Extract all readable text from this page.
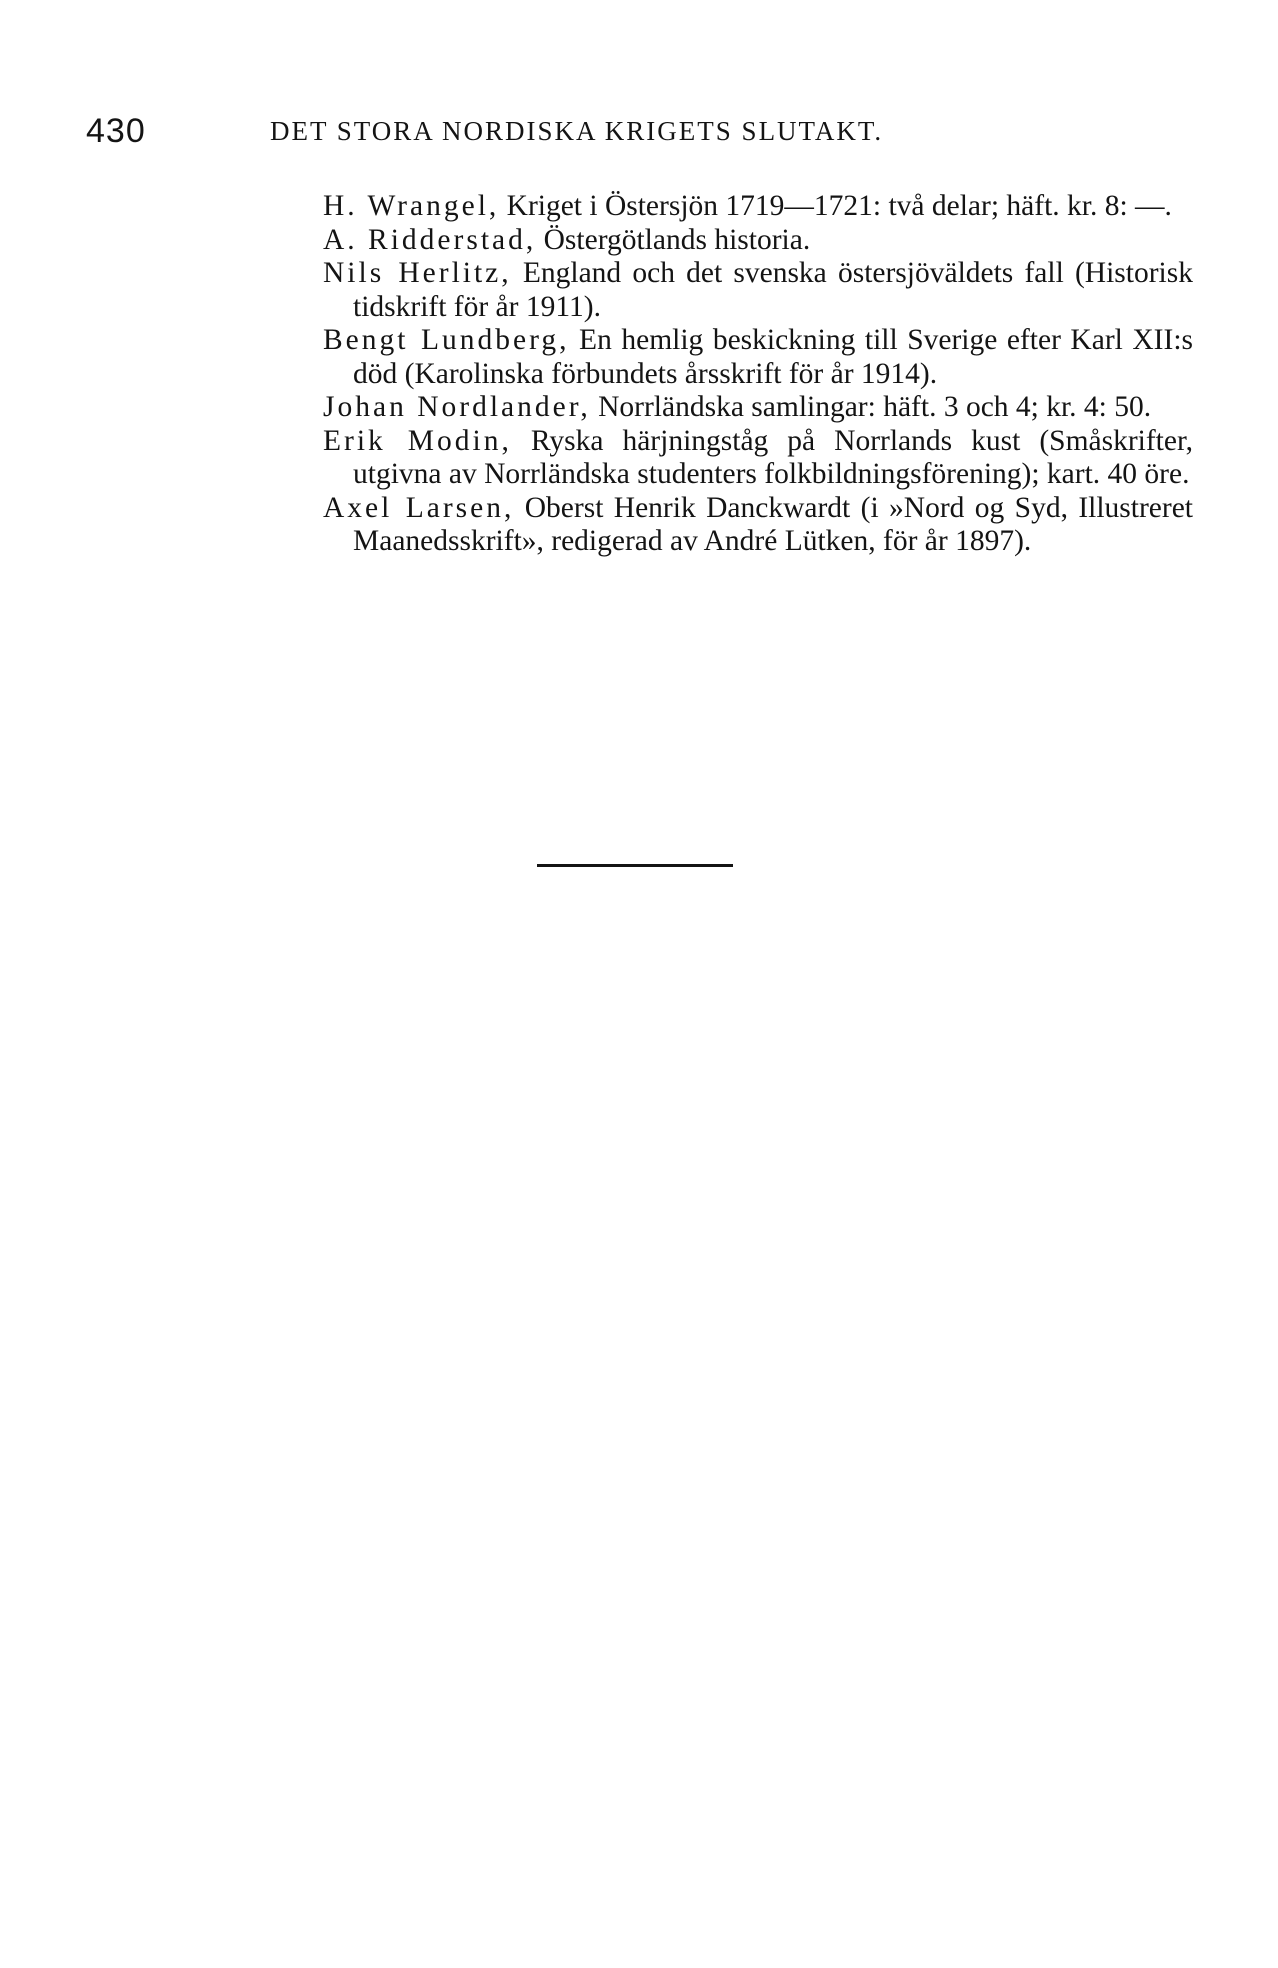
430	DET STORA NORDISKA KRIGETS SLUTAKT.
H. Wrangel, Kriget i Östersjön 1719—1721: två delar; häft. kr. 8: —.
A. Ridderstad, Östergötlands historia.
Nils Herlitz, England och det svenska östersjöväldets fall (Historisk tidskrift för år 1911).
Bengt Lundberg, En hemlig beskickning till Sverige efter Karl XII:s död (Karolinska förbundets årsskrift för år 1914).
Johan Nordlander, Norrländska samlingar: häft. 3 och 4; kr. 4: 50.
Erik Modin, Ryska härjningståg på Norrlands kust (Småskrifter, utgivna av Norrländska studenters folkbildningsförening); kart. 40 öre.
Axel Larsen, Oberst Henrik Danckwardt (i »Nord og Syd, Illustreret Maanedsskrift», redigerad av André Lütken, för år 1897).
